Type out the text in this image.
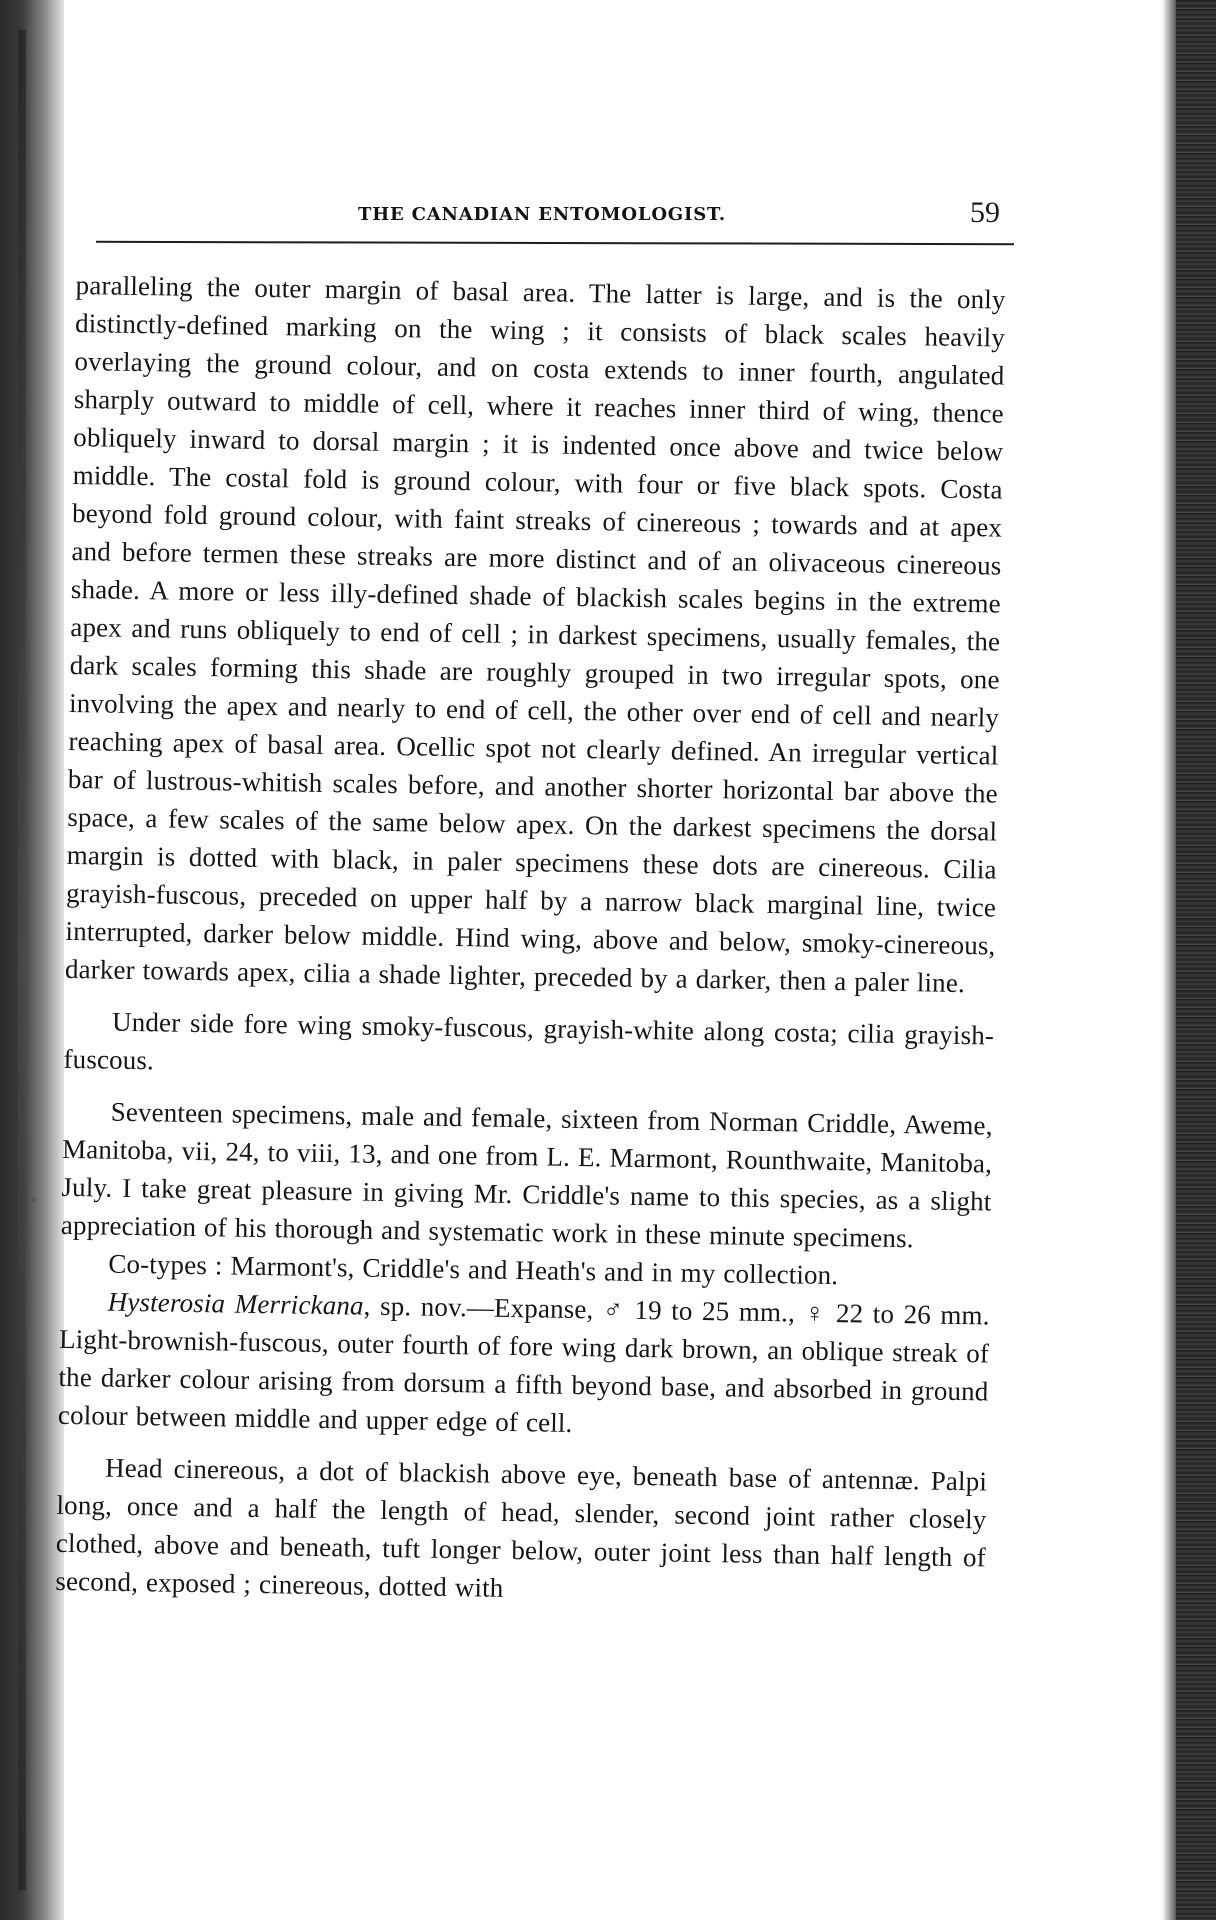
•
THE CANADIAN ENTOMOLOGIST.	59

paralleling the outer margin of basal area. The latter is large, and is the only distinctly-defined marking on the wing ; it consists of black scales heavily overlaying the ground colour, and on costa extends to inner fourth, angulated sharply outward to middle of cell, where it reaches inner third of wing, thence obliquely inward to dorsal margin ; it is indented once above and twice below middle. The costal fold is ground colour, with four or five black spots. Costa beyond fold ground colour, with faint streaks of cinereous ; towards and at apex and before termen these streaks are more distinct and of an olivaceous cinereous shade. A more or less illy-defined shade of blackish scales begins in the extreme apex and runs obliquely to end of cell ; in darkest specimens, usually females, the dark scales forming this shade are roughly grouped in two irregular spots, one involving the apex and nearly to end of cell, the other over end of cell and nearly reaching apex of basal area. Ocellic spot not clearly defined. An irregular vertical bar of lustrous-whitish scales before, and another shorter horizontal bar above the space, a few scales of the same below apex. On the darkest specimens the dorsal margin is dotted with black, in paler specimens these dots are cinereous. Cilia grayish-fuscous, preceded on upper half by a narrow black marginal line, twice interrupted, darker below middle. Hind wing, above and below, smoky-cinereous, darker towards apex, cilia a shade lighter, preceded by a darker, then a paler line.

Under side fore wing smoky-fuscous, grayish-white along costa; cilia grayish-fuscous.

Seventeen specimens, male and female, sixteen from Norman Criddle, Aweme, Manitoba, vii, 24, to viii, 13, and one from L. E. Marmont, Rounthwaite, Manitoba, July. I take great pleasure in giving Mr. Criddle's name to this species, as a slight appreciation of his thorough and systematic work in these minute specimens.

Co-types : Marmont's, Criddle's and Heath's and in my collection.

Hysterosia Merrickana, sp. nov.—Expanse, ♂ 19 to 25 mm., ♀ 22 to 26 mm. Light-brownish-fuscous, outer fourth of fore wing dark brown, an oblique streak of the darker colour arising from dorsum a fifth beyond base, and absorbed in ground colour between middle and upper edge of cell.

Head cinereous, a dot of blackish above eye, beneath base of antennæ. Palpi long, once and a half the length of head, slender, second joint rather closely clothed, above and beneath, tuft longer below, outer joint less than half length of second, exposed ; cinereous, dotted with
